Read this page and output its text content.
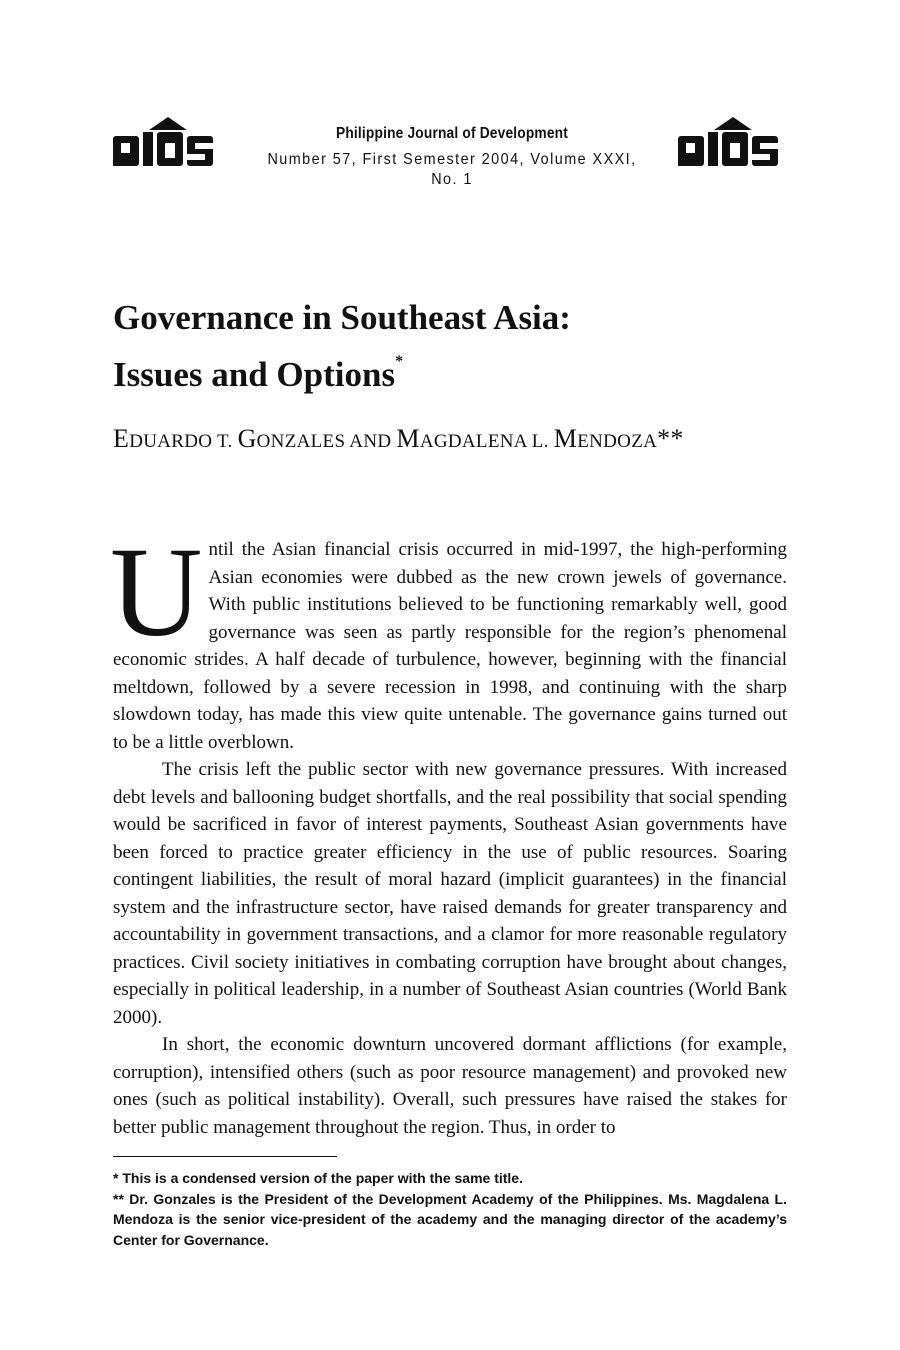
Philippine Journal of Development
Number 57, First Semester 2004, Volume XXXI, No. 1
Governance in Southeast Asia:
Issues and Options*
EDUARDO T. GONZALES AND MAGDALENA L. MENDOZA**

Until the Asian financial crisis occurred in mid-1997, the high-performing Asian economies were dubbed as the new crown jewels of governance. With public institutions believed to be functioning remarkably well, good governance was seen as partly responsible for the region’s phenomenal economic strides. A half decade of turbulence, however, beginning with the financial meltdown, followed by a severe recession in 1998, and continuing with the sharp slowdown today, has made this view quite untenable. The governance gains turned out to be a little overblown.

The crisis left the public sector with new governance pressures. With increased debt levels and ballooning budget shortfalls, and the real possibility that social spending would be sacrificed in favor of interest payments, Southeast Asian governments have been forced to practice greater efficiency in the use of public resources. Soaring contingent liabilities, the result of moral hazard (implicit guarantees) in the financial system and the infrastructure sector, have raised demands for greater transparency and accountability in government transactions, and a clamor for more reasonable regulatory practices. Civil society initiatives in combating corruption have brought about changes, especially in political leadership, in a number of Southeast Asian countries (World Bank 2000).

In short, the economic downturn uncovered dormant afflictions (for example, corruption), intensified others (such as poor resource management) and provoked new ones (such as political instability). Overall, such pressures have raised the stakes for better public management throughout the region. Thus, in order to

* This is a condensed version of the paper with the same title.

** Dr. Gonzales is the President of the Development Academy of the Philippines. Ms. Magdalena L. Mendoza is the senior vice-president of the academy and the managing director of the academy’s Center for Governance.
